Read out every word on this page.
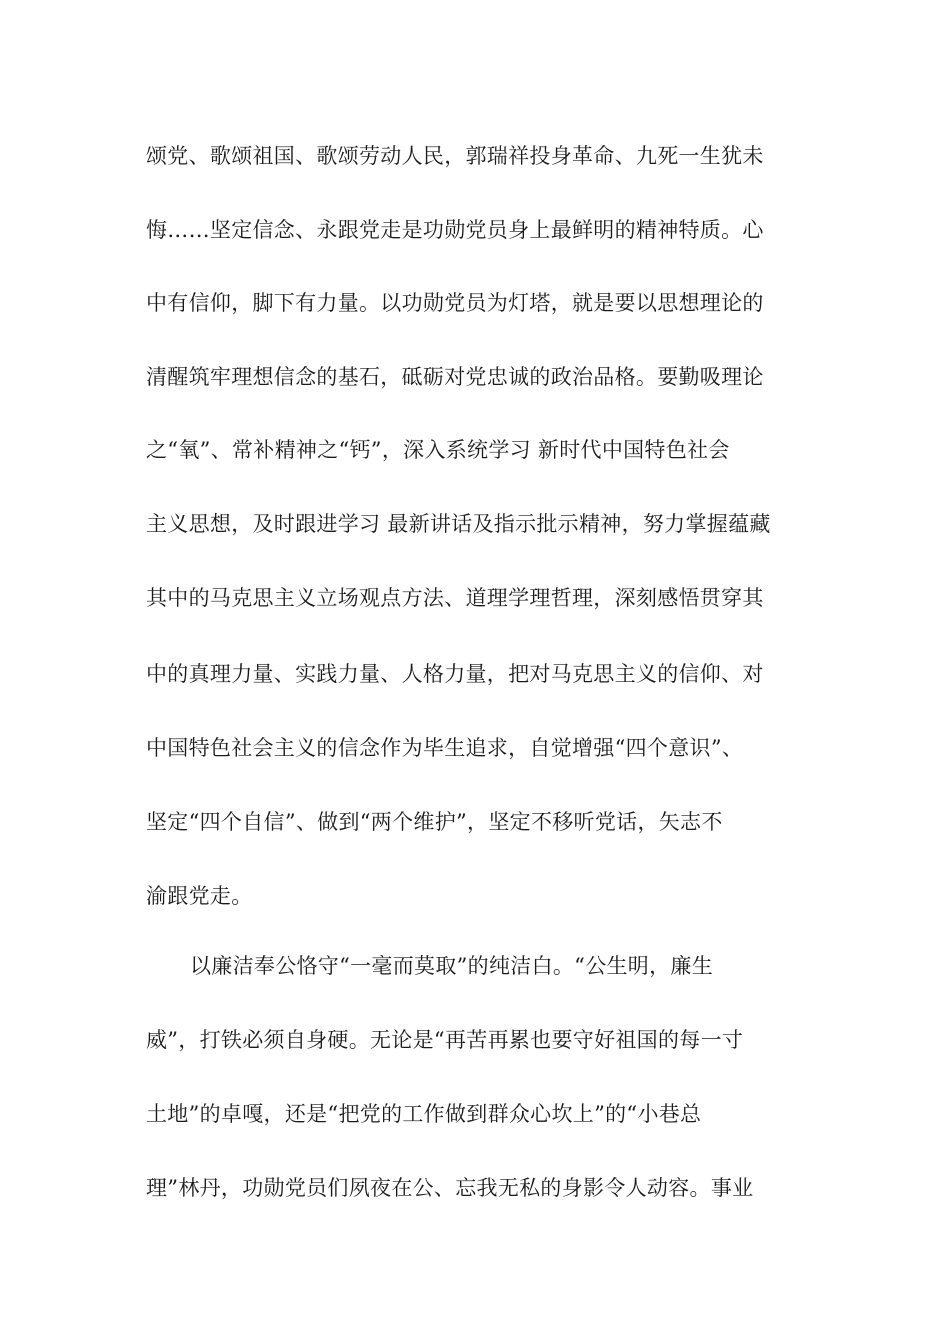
颂党、歌颂祖国、歌颂劳动人民，郭瑞祥投身革命、九死一生犹未
悔……坚定信念、永跟党走是功勋党员身上最鲜明的精神特质。心
中有信仰，脚下有力量。以功勋党员为灯塔，就是要以思想理论的
清醒筑牢理想信念的基石，砥砺对党忠诚的政治品格。要勤吸理论
之“氧”、常补精神之“钙”，深入系统学习 新时代中国特色社会
主义思想，及时跟进学习 最新讲话及指示批示精神，努力掌握蕴藏
其中的马克思主义立场观点方法、道理学理哲理，深刻感悟贯穿其
中的真理力量、实践力量、人格力量，把对马克思主义的信仰、对
中国特色社会主义的信念作为毕生追求，自觉增强“四个意识”、
坚定“四个自信”、做到“两个维护”，坚定不移听党话，矢志不
渝跟党走。
以廉洁奉公恪守“一毫而莫取”的纯洁白。“公生明，廉生
威”，打铁必须自身硬。无论是“再苦再累也要守好祖国的每一寸
土地”的卓嘎，还是“把党的工作做到群众心坎上”的“小巷总
理”林丹，功勋党员们夙夜在公、忘我无私的身影令人动容。事业
